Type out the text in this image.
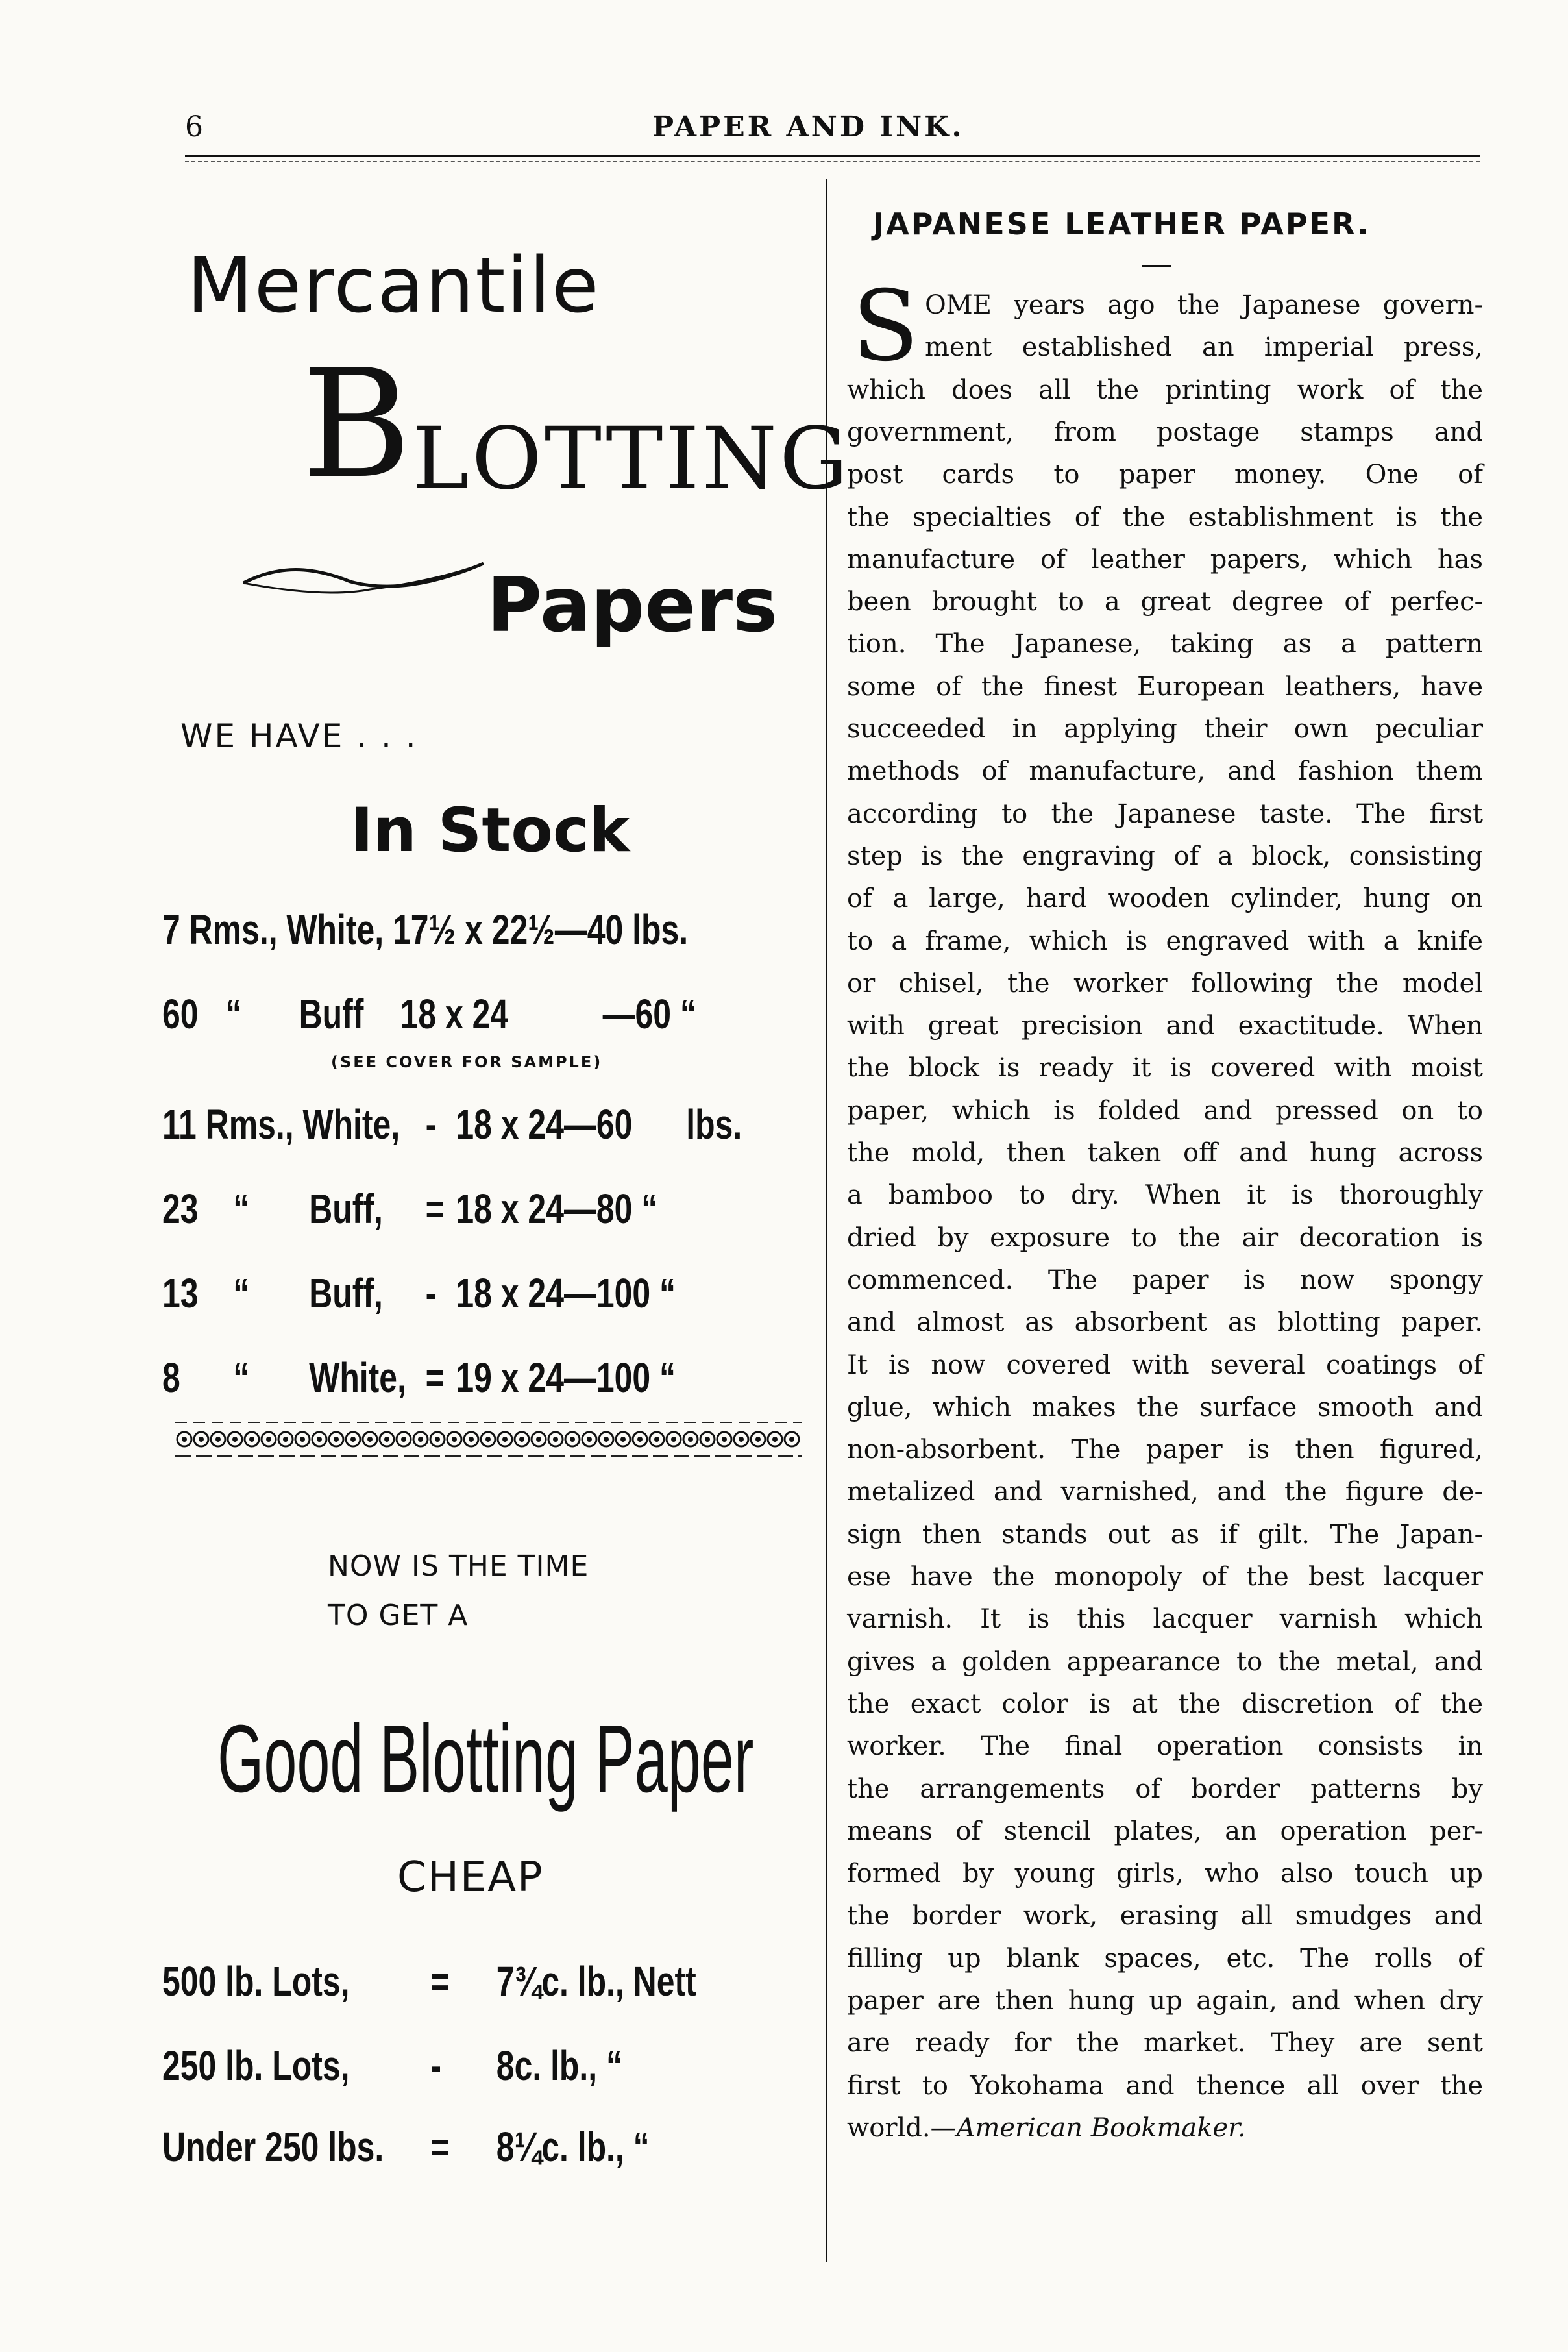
6	PAPER AND INK.
Mercantile
B LOTTING
Papers
WE HAVE . . .
In Stock
7 Rms., White, 17½ x 22½—40 lbs.
60 “ Buff 18 x 24 —60 “
(SEE COVER FOR SAMPLE)
11 Rms., White, - 18 x 24—60 lbs.
23 “ Buff, = 18 x 24—80 “
13 “ Buff, - 18 x 24—100 “
8 “ White, = 19 x 24—100 “
NOW IS THE TIME
TO GET A
Good Blotting Paper
CHEAP
500 lb. Lots, = 7¾c. lb., Nett
250 lb. Lots, - 8c. lb., “
Under 250 lbs. = 8¼c. lb., “
JAPANESE LEATHER PAPER.
S OME years ago the Japanese govern-
ment established an imperial press,
which does all the printing work of the
government, from postage stamps and
post cards to paper money. One of
the specialties of the establishment is the
manufacture of leather papers, which has
been brought to a great degree of perfec-
tion. The Japanese, taking as a pattern
some of the finest European leathers, have
succeeded in applying their own peculiar
methods of manufacture, and fashion them
according to the Japanese taste. The first
step is the engraving of a block, consisting
of a large, hard wooden cylinder, hung on
to a frame, which is engraved with a knife
or chisel, the worker following the model
with great precision and exactitude. When
the block is ready it is covered with moist
paper, which is folded and pressed on to
the mold, then taken off and hung across
a bamboo to dry. When it is thoroughly
dried by exposure to the air decoration is
commenced. The paper is now spongy
and almost as absorbent as blotting paper.
It is now covered with several coatings of
glue, which makes the surface smooth and
non-absorbent. The paper is then figured,
metalized and varnished, and the figure de-
sign then stands out as if gilt. The Japan-
ese have the monopoly of the best lacquer
varnish. It is this lacquer varnish which
gives a golden appearance to the metal, and
the exact color is at the discretion of the
worker. The final operation consists in
the arrangements of border patterns by
means of stencil plates, an operation per-
formed by young girls, who also touch up
the border work, erasing all smudges and
filling up blank spaces, etc. The rolls of
paper are then hung up again, and when dry
are ready for the market. They are sent
first to Yokohama and thence all over the
world.—American Bookmaker.
